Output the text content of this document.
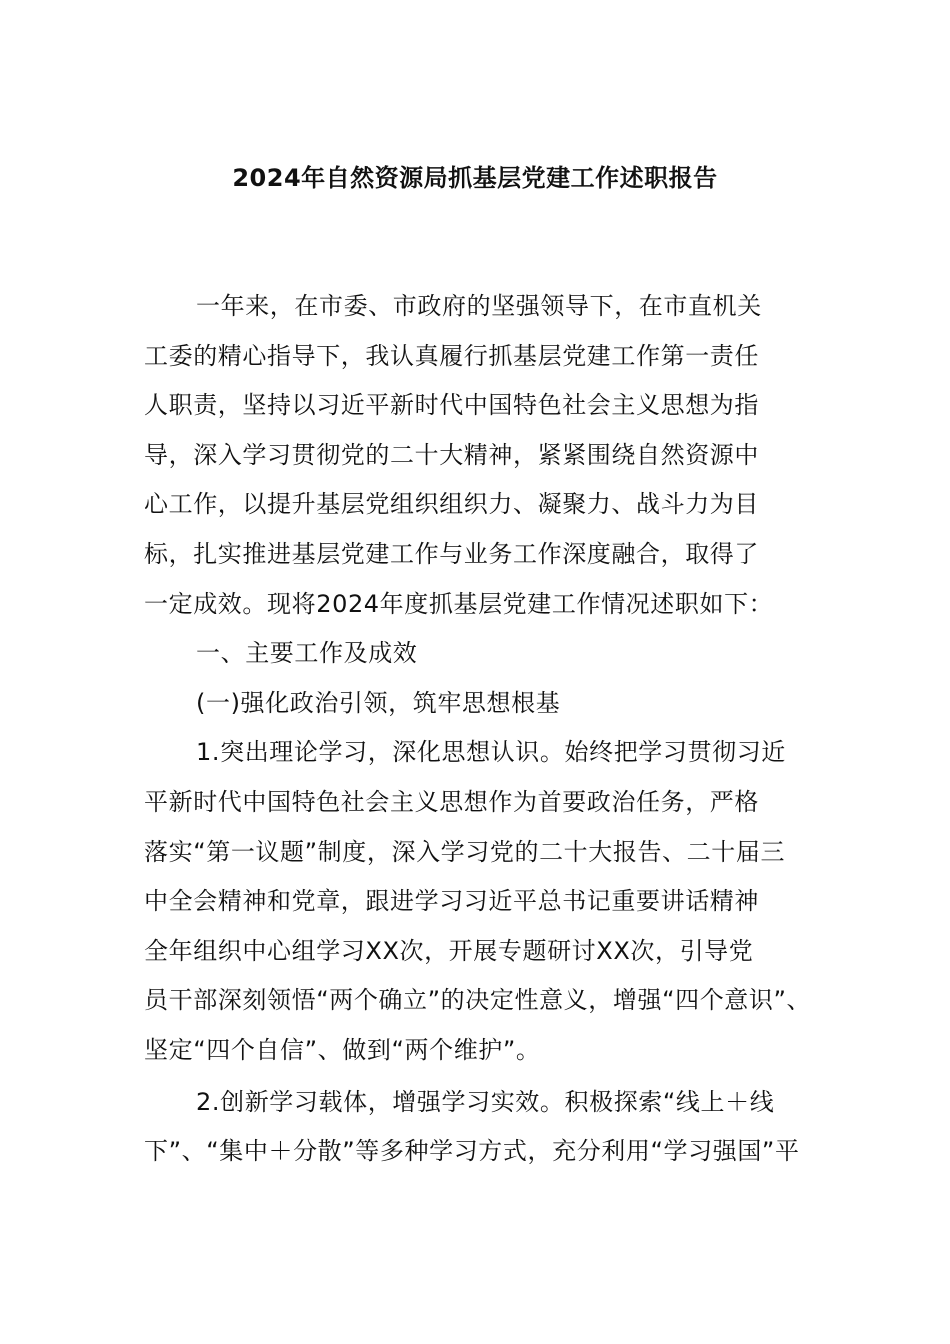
2024年自然资源局抓基层党建工作述职报告
一年来，在市委、市政府的坚强领导下，在市直机关
工委的精心指导下，我认真履行抓基层党建工作第一责任
人职责，坚持以习近平新时代中国特色社会主义思想为指
导，深入学习贯彻党的二十大精神，紧紧围绕自然资源中
心工作，以提升基层党组织组织力、凝聚力、战斗力为目
标，扎实推进基层党建工作与业务工作深度融合，取得了
一定成效。现将2024年度抓基层党建工作情况述职如下：
一、主要工作及成效
(一)强化政治引领，筑牢思想根基
1.突出理论学习，深化思想认识。始终把学习贯彻习近
平新时代中国特色社会主义思想作为首要政治任务，严格
落实“第一议题”制度，深入学习党的二十大报告、二十届三
中全会精神和党章，跟进学习习近平总书记重要讲话精神
全年组织中心组学习XX次，开展专题研讨XX次，引导党
员干部深刻领悟“两个确立”的决定性意义，增强“四个意识”、
坚定“四个自信”、做到“两个维护”。
2.创新学习载体，增强学习实效。积极探索“线上＋线
下”、“集中＋分散”等多种学习方式，充分利用“学习强国”平
